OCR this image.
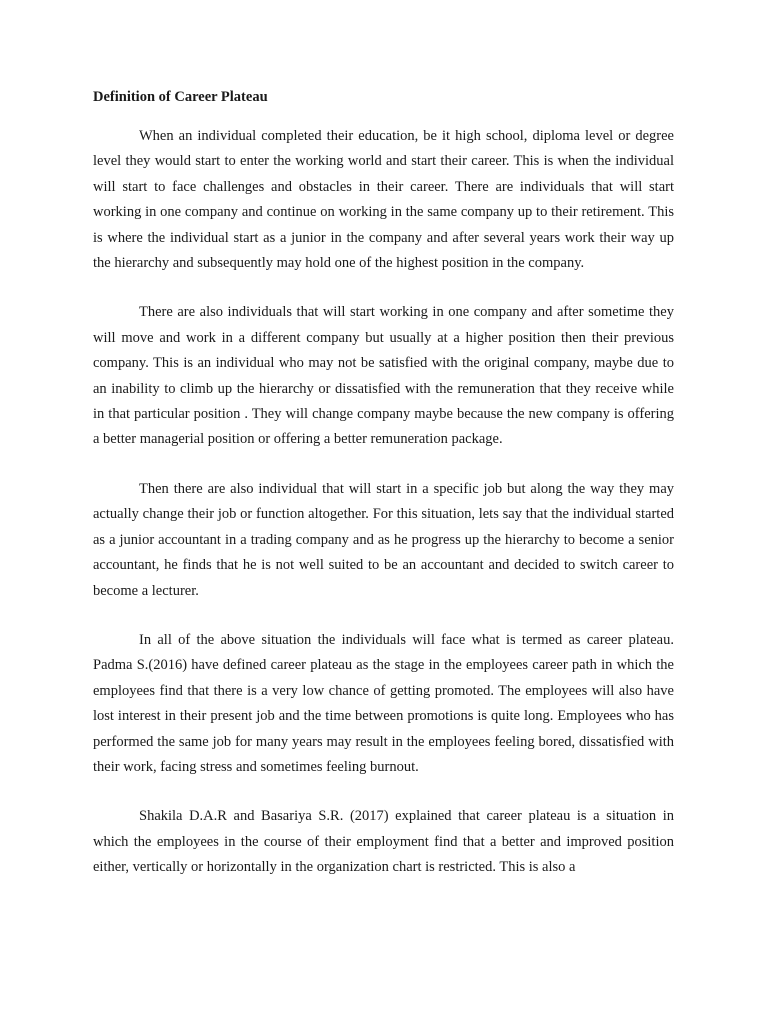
Definition of Career Plateau

When an individual completed their education, be it high school, diploma level or degree level they would start to enter the working world and start their career. This is when the individual will start to face challenges and obstacles in their career. There are individuals that will start working in one company and continue on working in the same company up to their retirement. This is where the individual start as a junior in the company and after several years work their way up the hierarchy and subsequently may hold one of the highest position in the company.

There are also individuals that will start working in one company and after sometime they will move and work in a different company but usually at a higher position then their previous company. This is an individual who may not be satisfied with the original company, maybe due to an inability to climb up the hierarchy or dissatisfied with the remuneration that they receive while in that particular position . They will change company maybe because the new company is offering a better managerial position or offering a better remuneration package.

Then there are also individual that will start in a specific job but along the way they may actually change their job or function altogether. For this situation, lets say that the individual started as a junior accountant in a trading company and as he progress up the hierarchy to become a senior accountant, he finds that he is not well suited to be an accountant and decided to switch career to become a lecturer.

In all of the above situation the individuals will face what is termed as career plateau. Padma S.(2016) have defined career plateau as the stage in the employees career path in which the employees find that there is a very low chance of getting promoted. The employees will also have lost interest in their present job and the time between promotions is quite long. Employees who has performed the same job for many years may result in the employees feeling bored, dissatisfied with their work, facing stress and sometimes feeling burnout.

Shakila D.A.R and Basariya S.R. (2017) explained that career plateau is a situation in which the employees in the course of their employment find that a better and improved position either, vertically or horizontally in the organization chart is restricted. This is also a
